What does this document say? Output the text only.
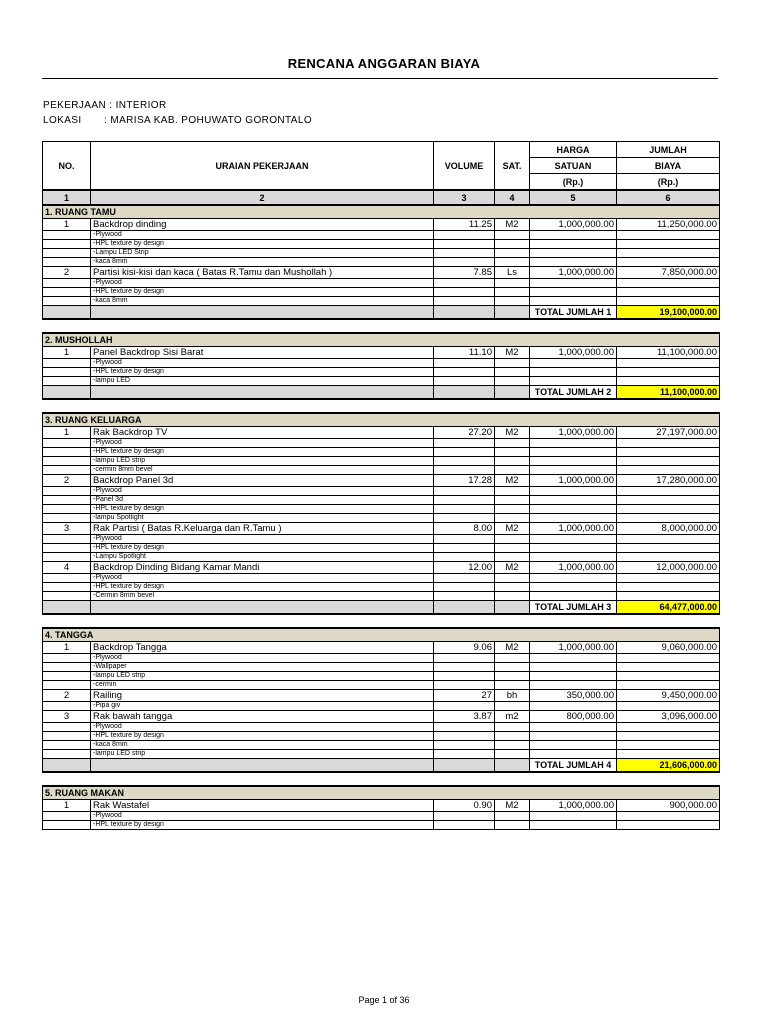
RENCANA ANGGARAN BIAYA
PEKERJAAN : INTERIOR
LOKASI : MARISA KAB. POHUWATO GORONTALO
NO.	URAIAN PEKERJAAN	VOLUME	SAT.	HARGA	JUMLAH
				SATUAN	BIAYA
				(Rp.)	(Rp.)
1	2	3	4	5	6
1. RUANG TAMU					
1	Backdrop dinding	11.25	M2	1,000,000.00	11,250,000.00
	-Plywood				
	-HPL texture by design				
	-Lampu LED Strip				
	-kaca 8mm				
2	Partisi kisi-kisi dan kaca ( Batas R.Tamu dan Mushollah )	7.85	Ls	1,000,000.00	7,850,000.00
	-Plywood				
	-HPL texture by design				
	-kaca 8mm				
				TOTAL JUMLAH 1	19,100,000.00

2. MUSHOLLAH					
1	Panel Backdrop Sisi Barat	11.10	M2	1,000,000.00	11,100,000.00
	-Plywood				
	-HPL texture by design				
	-lampu LED				
				TOTAL JUMLAH 2	11,100,000.00

3. RUANG KELUARGA					
1	Rak Backdrop TV	27.20	M2	1,000,000.00	27,197,000.00
	-Plywood				
	-HPL texture by design				
	-lampu LED strip				
	-cermin 8mm bevel				
2	Backdrop Panel 3d	17.28	M2	1,000,000.00	17,280,000.00
	-Plywood				
	-Panel 3d				
	-HPL texture by design				
	-lampu Spotlight				
3	Rak Partisi ( Batas R.Keluarga dan R.Tamu )	8.00	M2	1,000,000.00	8,000,000.00
	-Plywood				
	-HPL texture by design				
	-Lampu Spotlight				
4	Backdrop Dinding Bidang Kamar Mandi	12.00	M2	1,000,000.00	12,000,000.00
	-Plywood				
	-HPL texture by design				
	-Cermin 8mm bevel				
				TOTAL JUMLAH 3	64,477,000.00

4. TANGGA					
1	Backdrop Tangga	9.06	M2	1,000,000.00	9,060,000.00
	-Plywood				
	-Wallpaper				
	-lampu LED strip				
	-cermin				
2	Railing	27	bh	350,000.00	9,450,000.00
	-Pipa giv				
3	Rak bawah tangga	3.87	m2	800,000.00	3,096,000.00
	-Plywood				
	-HPL texture by design				
	-kaca 8mm				
	-lampu LED strip				
				TOTAL JUMLAH 4	21,606,000.00

5. RUANG MAKAN					
1	Rak Wastafel	0.90	M2	1,000,000.00	900,000.00
	-Plywood				
	-HPL texture by design				
Page 1 of 36
